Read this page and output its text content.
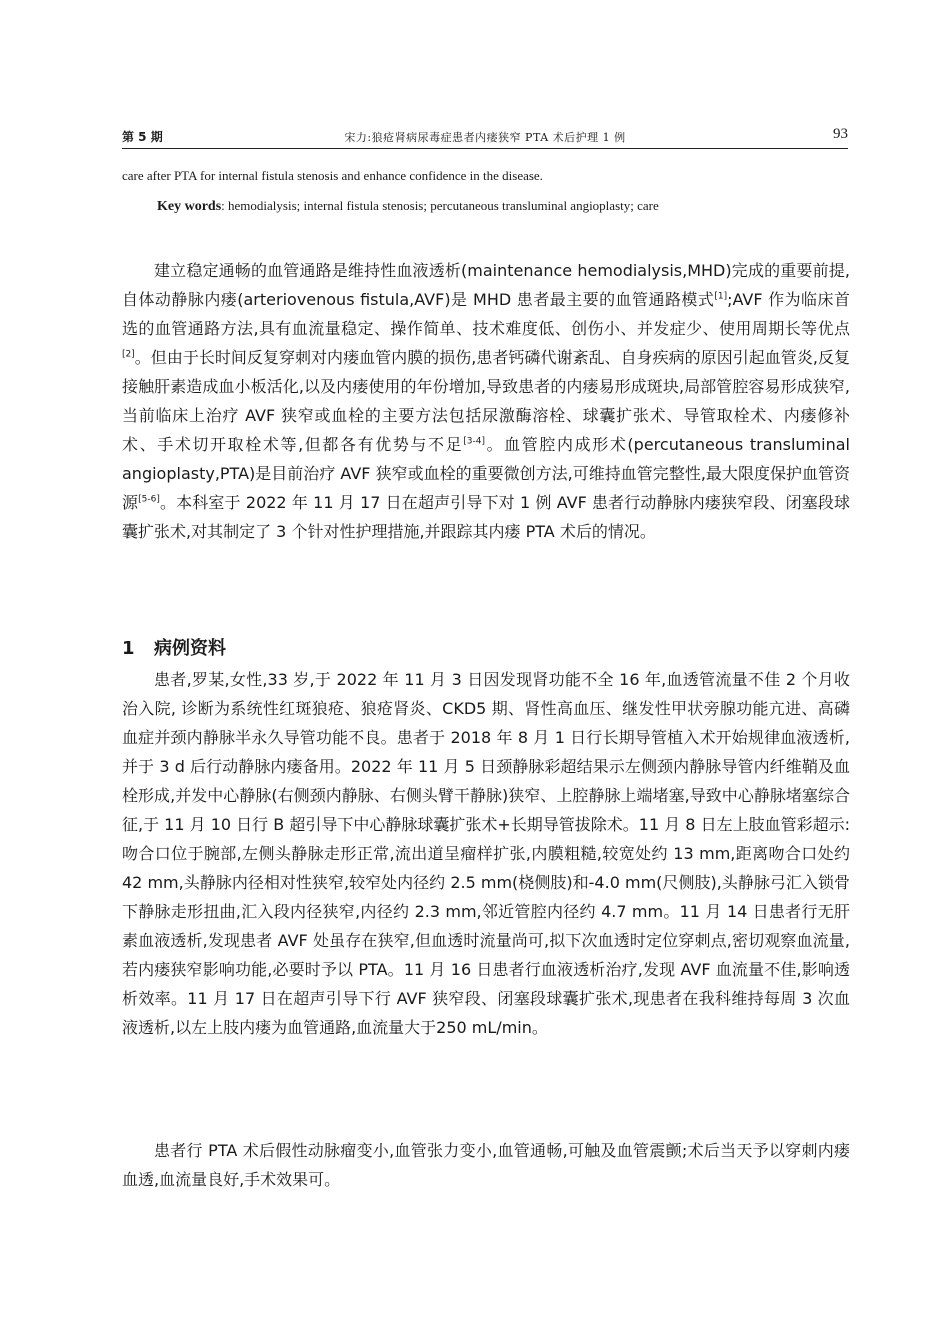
第 5 期	宋力:狼疮肾病尿毒症患者内瘘狭窄 PTA 术后护理 1 例	93
care after PTA for internal fistula stenosis and enhance confidence in the disease.
Key words: hemodialysis; internal fistula stenosis; percutaneous transluminal angioplasty; care

建立稳定通畅的血管通路是维持性血液透析(maintenance hemodialysis,MHD)完成的重要前提,自体动静脉内瘘(arteriovenous fistula,AVF)是 MHD 患者最主要的血管通路模式[1];AVF 作为临床首选的血管通路方法,具有血流量稳定、操作简单、技术难度低、创伤小、并发症少、使用周期长等优点[2]。但由于长时间反复穿刺对内瘘血管内膜的损伤,患者钙磷代谢紊乱、自身疾病的原因引起血管炎,反复接触肝素造成血小板活化,以及内瘘使用的年份增加,导致患者的内瘘易形成斑块,局部管腔容易形成狭窄,当前临床上治疗 AVF 狭窄或血栓的主要方法包括尿激酶溶栓、球囊扩张术、导管取栓术、内瘘修补术、手术切开取栓术等,但都各有优势与不足[3-4]。血管腔内成形术(percutaneous transluminal angioplasty,PTA)是目前治疗 AVF 狭窄或血栓的重要微创方法,可维持血管完整性,最大限度保护血管资源[5-6]。本科室于 2022 年 11 月 17 日在超声引导下对 1 例 AVF 患者行动静脉内瘘狭窄段、闭塞段球囊扩张术,对其制定了 3 个针对性护理措施,并跟踪其内瘘 PTA 术后的情况。

1 病例资料

患者,罗某,女性,33 岁,于 2022 年 11 月 3 日因发现肾功能不全 16 年,血透管流量不佳 2 个月收治入院, 诊断为系统性红斑狼疮、狼疮肾炎、CKD5 期、肾性高血压、继发性甲状旁腺功能亢进、高磷血症并颈内静脉半永久导管功能不良。患者于 2018 年 8 月 1 日行长期导管植入术开始规律血液透析,并于 3 d 后行动静脉内瘘备用。2022 年 11 月 5 日颈静脉彩超结果示左侧颈内静脉导管内纤维鞘及血栓形成,并发中心静脉(右侧颈内静脉、右侧头臂干静脉)狭窄、上腔静脉上端堵塞,导致中心静脉堵塞综合征,于 11 月 10 日行 B 超引导下中心静脉球囊扩张术+长期导管拔除术。11 月 8 日左上肢血管彩超示:吻合口位于腕部,左侧头静脉走形正常,流出道呈瘤样扩张,内膜粗糙,较宽处约 13 mm,距离吻合口处约 42 mm,头静脉内径相对性狭窄,较窄处内径约 2.5 mm(桡侧肢)和-4.0 mm(尺侧肢),头静脉弓汇入锁骨下静脉走形扭曲,汇入段内径狭窄,内径约 2.3 mm,邻近管腔内径约 4.7 mm。11 月 14 日患者行无肝素血液透析,发现患者 AVF 处虽存在狭窄,但血透时流量尚可,拟下次血透时定位穿刺点,密切观察血流量,若内瘘狭窄影响功能,必要时予以 PTA。11 月 16 日患者行血液透析治疗,发现 AVF 血流量不佳,影响透析效率。11 月 17 日在超声引导下行 AVF 狭窄段、闭塞段球囊扩张术,现患者在我科维持每周 3 次血液透析,以左上肢内瘘为血管通路,血流量大于250 mL/min。

患者行 PTA 术后假性动脉瘤变小,血管张力变小,血管通畅,可触及血管震颤;术后当天予以穿刺内瘘血透,血流量良好,手术效果可。
